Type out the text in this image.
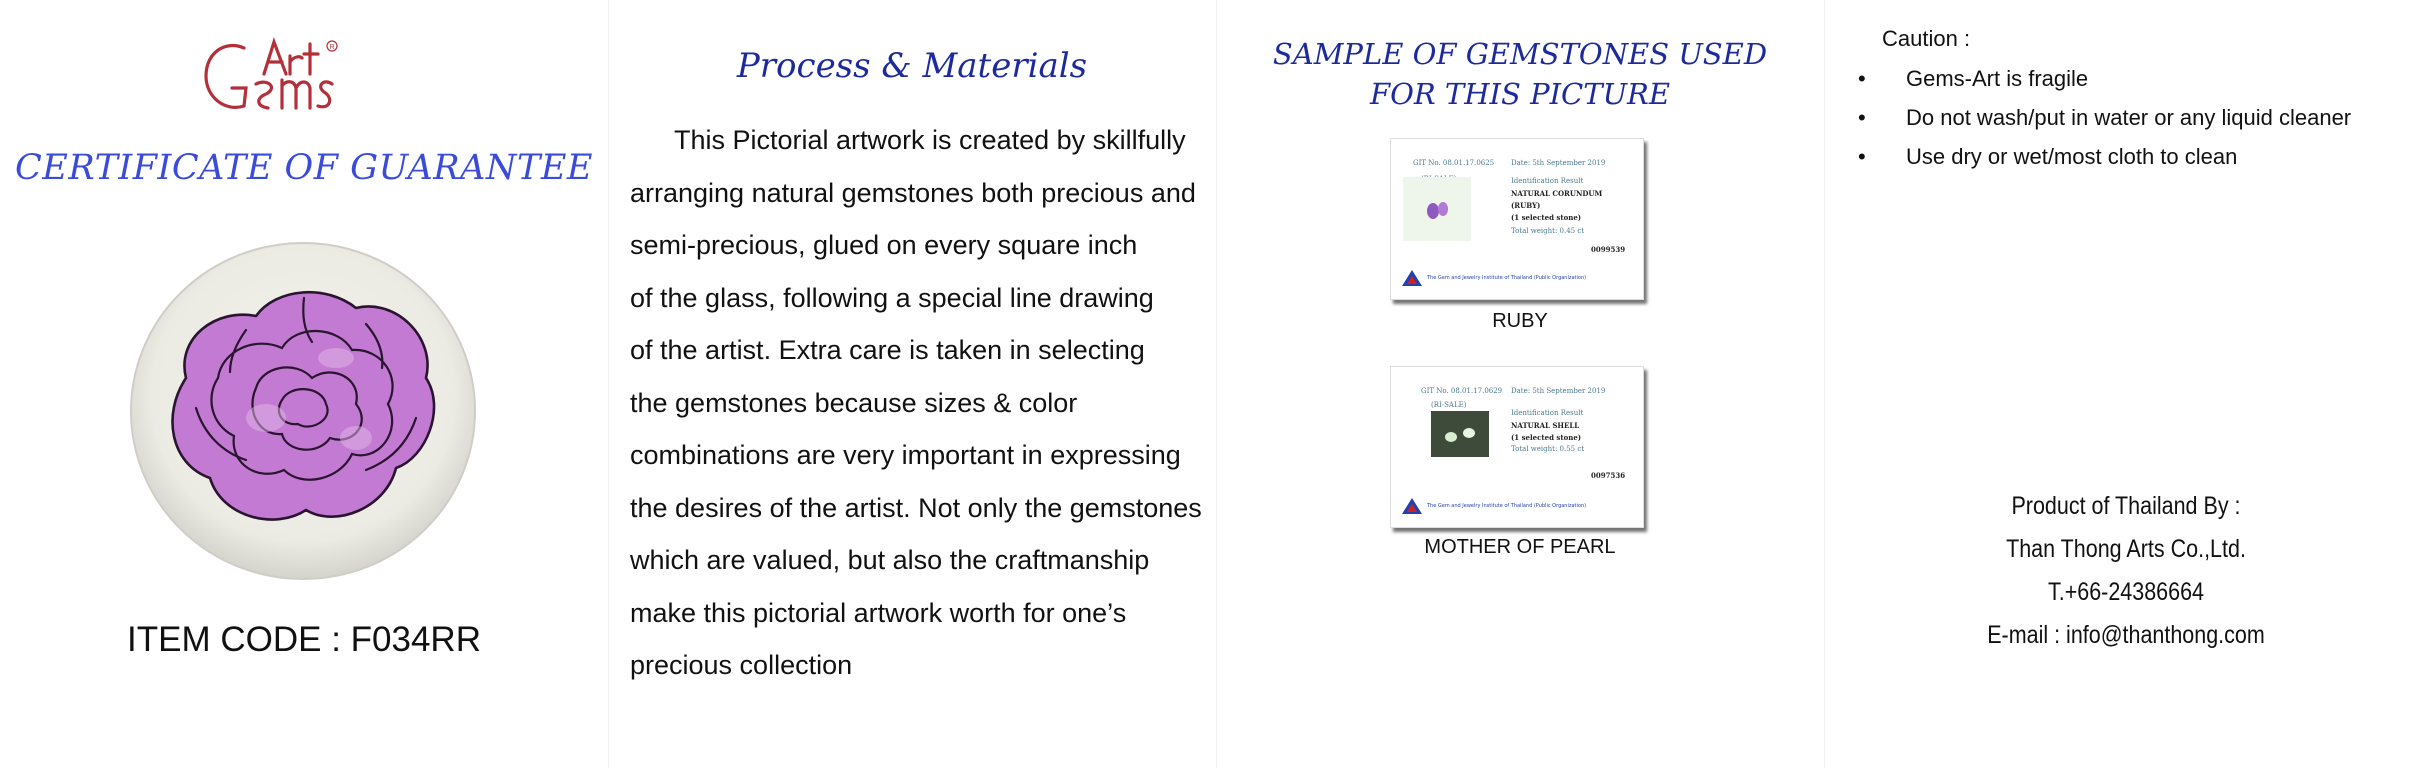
R
CERTIFICATE OF GUARANTEE
ITEM CODE : F034RR
Process & Materials
This Pictorial artwork is created by skillfully
arranging natural gemstones both precious and
semi-precious, glued on every square inch
of the glass, following a special line drawing
of the artist. Extra care is taken in selecting
the gemstones because sizes & color
combinations are very important in expressing
the desires of the artist. Not only the gemstones
which are valued, but also the craftmanship
make this pictorial artwork worth for one’s
precious collection
SAMPLE OF GEMSTONES USED
FOR THIS PICTURE
GIT No. 08.01.17.0625 Date: 5th September 2019
Identification Result
NATURAL CORUNDUM
(RUBY)
(1 selected stone)
Total weight: 0.45 ct
0099539
The Gem and Jewelry Institute of Thailand (Public Organization)
RUBY
GIT No. 08.01.17.0629 Date: 5th September 2019
(RI-SALE)
Identification Result
NATURAL SHELL
(1 selected stone)
Total weight: 0.55 ct
0097536
The Gem and Jewelry Institute of Thailand (Public Organization)
MOTHER OF PEARL
Caution :
• Gems-Art is fragile
• Do not wash/put in water or any liquid cleaner
• Use dry or wet/most cloth to clean
Product of Thailand By :
Than Thong Arts Co.,Ltd.
T.+66-24386664
E-mail : info@thanthong.com
